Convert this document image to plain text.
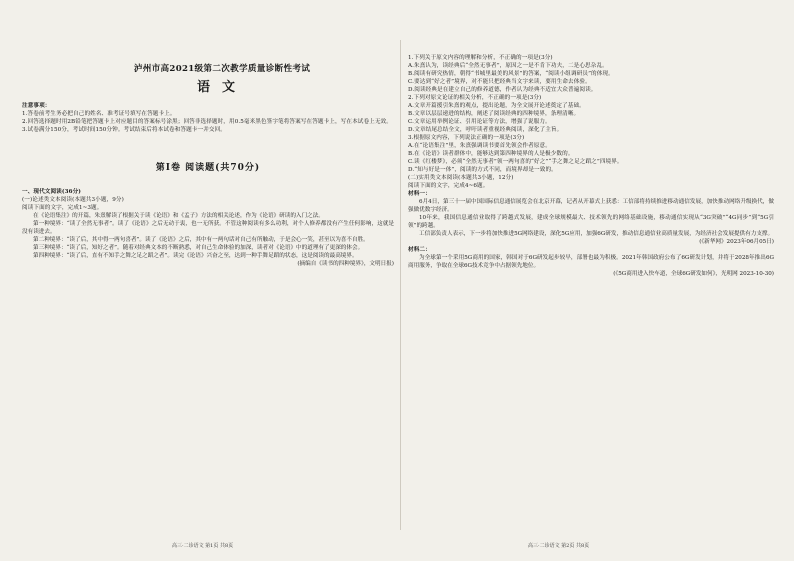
泸州市高2021级第二次教学质量诊断性考试
语文
注意事项：
1.答卷前考生务必把自己的姓名、准考证号填写在答题卡上。
2.回答选择题时用2B铅笔把答题卡上对应题目的答案标号涂黑；回答非选择题时，用0.5毫米黑色签字笔将答案写在答题卡上，写在本试卷上无效。
3.试卷满分150分，考试时间150分钟。考试结束后将本试卷和答题卡一并交回。
第Ⅰ卷 阅读题(共70分)
一、现代文阅读(36分)
(一)论述类文本阅读(本题共3小题，9分)
阅读下面的文字，完成1~3题。
在《论语集注》的开篇，朱熹解读了根据关于读《论语》和《孟子》方法的相关论述，作为《论语》研读的入门之法。
第一种境界：“读了全然无事者”。读了《论语》之后无动于衷，也一无所获。不管这种阅读有多么功利，对个人修养都没有产生任何影响，这就是没有读进去。
第二种境界：“读了后，其中得一两句喜者”。读了《论语》之后，其中有一两句话对自己有所触动，于是会心一笑，甚至以为喜不自胜。
第三种境界：“读了后，知好之者”。随着对经典文本的不断熟悉，对自己生命体验的加深，读者对《论语》中的道理有了更深的体会。
第四种境界：“读了后，直有不知手之舞之足之蹈之者”。读完《论语》兴奋之至，达到一种手舞足蹈的状态，这是阅读的最高境界。
(摘编自《读书的四种境界》，文明日报)
高三·二诊语文 第1页 共8页
1.下列关于原文内容的理解和分析，不正确的一项是(3分)
A.朱熹认为，读经典后“全然无事者”，原因之一是不肯下功夫，二是心思杂乱。
B.阅读有研究热情，朝得“书城里最美的风景”的答案，“阅读小组调研员”的体现。
C.要达到“好之者”境界，对不能只把经典当文字来读，要用生命去体验。
D.阅读经典是在建立自己的修养道德，作者认为经典不适宜大众普遍阅读。
2.下列对原文论证的相关分析，不正确的一项是(3分)
A.文章开篇援引朱熹的观点，提出论题，为全文展开论述奠定了基础。
B.文章以层层递进的结构，阐述了阅读经典的四种境界，条理清晰。
C.文章运用举例论证、引用论证等方法，增强了说服力。
D.文章结尾总结全文，呼吁读者重视经典阅读，深化了主旨。
3.根据原文内容，下列说法正确的一项是(3分)
A.在“论语集注”里，朱熹强调读书要首先领会作者原意。
B.在《论语》读者群体中，能够达到第四种境界的人是极少数的。
C.读《红楼梦》，必须“全然无事者”领一两句喜的“好之”“手之舞之足之蹈之”四境界。
D.“知与好是一体”，阅读的方式不同，而境界却是一致的。
(二)实用类文本阅读(本题共3小题，12分)
阅读下面的文字，完成4~6题。
材料一：
6月4日，第三十一届中国国际信息通信展览会在北京开幕，记者从开幕式上获悉：工信部将持续推进移动通信发展，加快推动网络升级换代，做强做优数字经济。
10年来，我国信息通信业取得了跨越式发展，建成全球规模最大、技术领先的网络基础设施，移动通信实现从“3G突破”“4G同步”到“5G引领”的跨越。
工信部负责人表示，下一步将加快推进5G网络建设，深化5G应用，加强6G研发，推动信息通信业高质量发展，为经济社会发展提供有力支撑。
(《新华网》2023年06月05日)
材料二：
为全球第一个采用5G商用的国家，韩国对于6G研发起步较早，部署也最为积极。2021年韩国政府公布了6G研发计划，并将于2028年推出6G商用服务，争取在全球6G技术竞争中占据领先地位。
(《5G商用进入快车道，全球6G研发如何》，光明网 2023-10-30)
高三·二诊语文 第2页 共8页
